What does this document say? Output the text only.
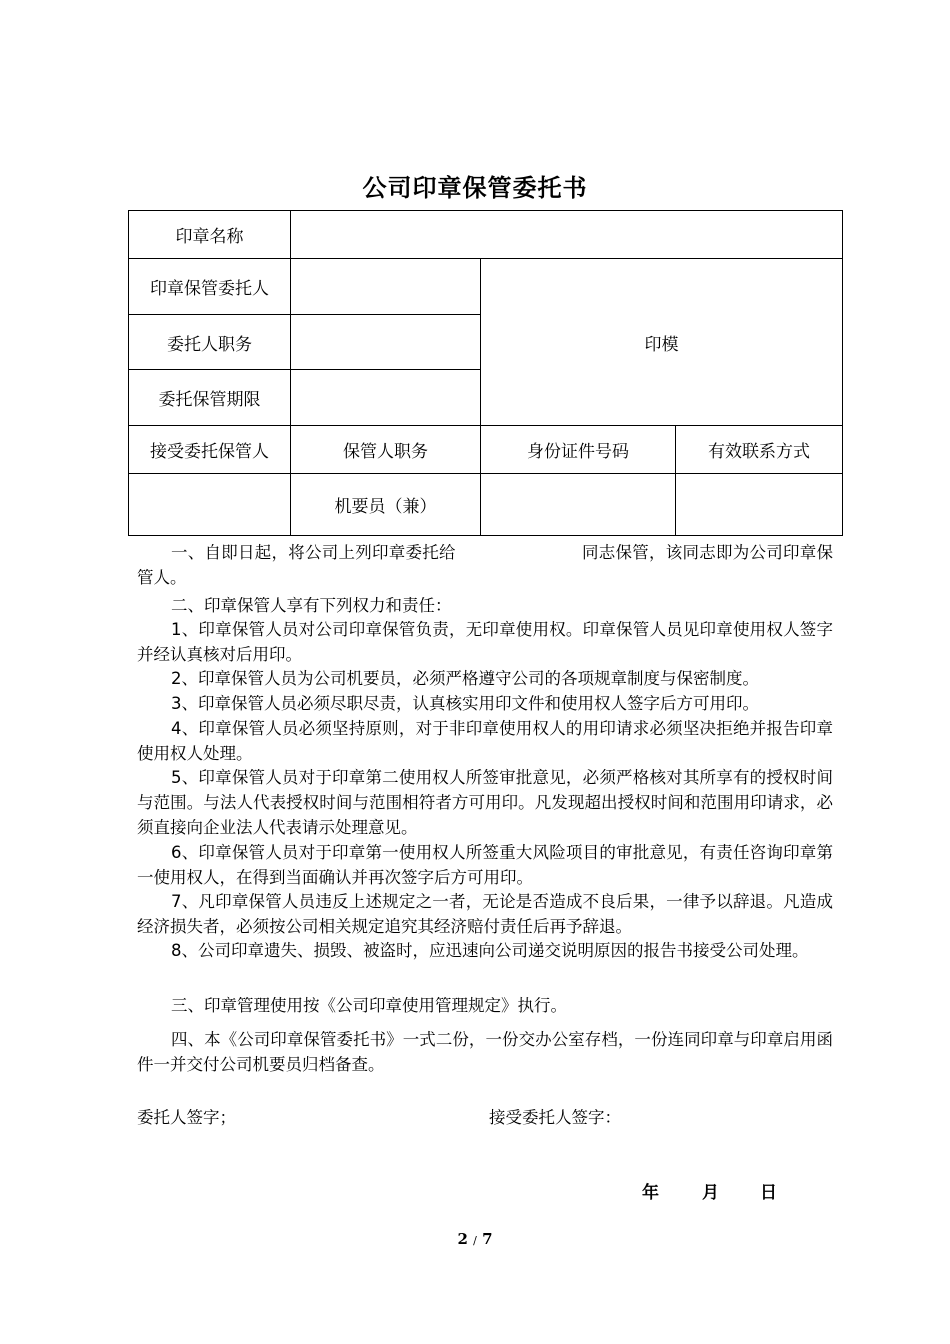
公司印章保管委托书
印章名称			
印章保管委托人		印模	
委托人职务			
委托保管期限			
接受委托保管人	保管人职务	身份证件号码	有效联系方式
	机要员（兼）		
一、自即日起，将公司上列印章委托给	同志保管，该同志即为公司印章保管人。

二、印章保管人享有下列权力和责任：

1、印章保管人员对公司印章保管负责，无印章使用权。印章保管人员见印章使用权人签字并经认真核对后用印。

2、印章保管人员为公司机要员，必须严格遵守公司的各项规章制度与保密制度。

3、印章保管人员必须尽职尽责，认真核实用印文件和使用权人签字后方可用印。

4、印章保管人员必须坚持原则，对于非印章使用权人的用印请求必须坚决拒绝并报告印章使用权人处理。

5、印章保管人员对于印章第二使用权人所签审批意见，必须严格核对其所享有的授权时间与范围。与法人代表授权时间与范围相符者方可用印。凡发现超出授权时间和范围用印请求，必须直接向企业法人代表请示处理意见。

6、印章保管人员对于印章第一使用权人所签重大风险项目的审批意见，有责任咨询印章第一使用权人，在得到当面确认并再次签字后方可用印。

7、凡印章保管人员违反上述规定之一者，无论是否造成不良后果，一律予以辞退。凡造成经济损失者，必须按公司相关规定追究其经济赔付责任后再予辞退。

8、公司印章遗失、损毁、被盗时，应迅速向公司递交说明原因的报告书接受公司处理。

三、印章管理使用按《公司印章使用管理规定》执行。

四、本《公司印章保管委托书》一式二份，一份交办公室存档，一份连同印章与印章启用函件一并交付公司机要员归档备查。

委托人签字；	接受委托人签字：
年	月 日
2 / 7
